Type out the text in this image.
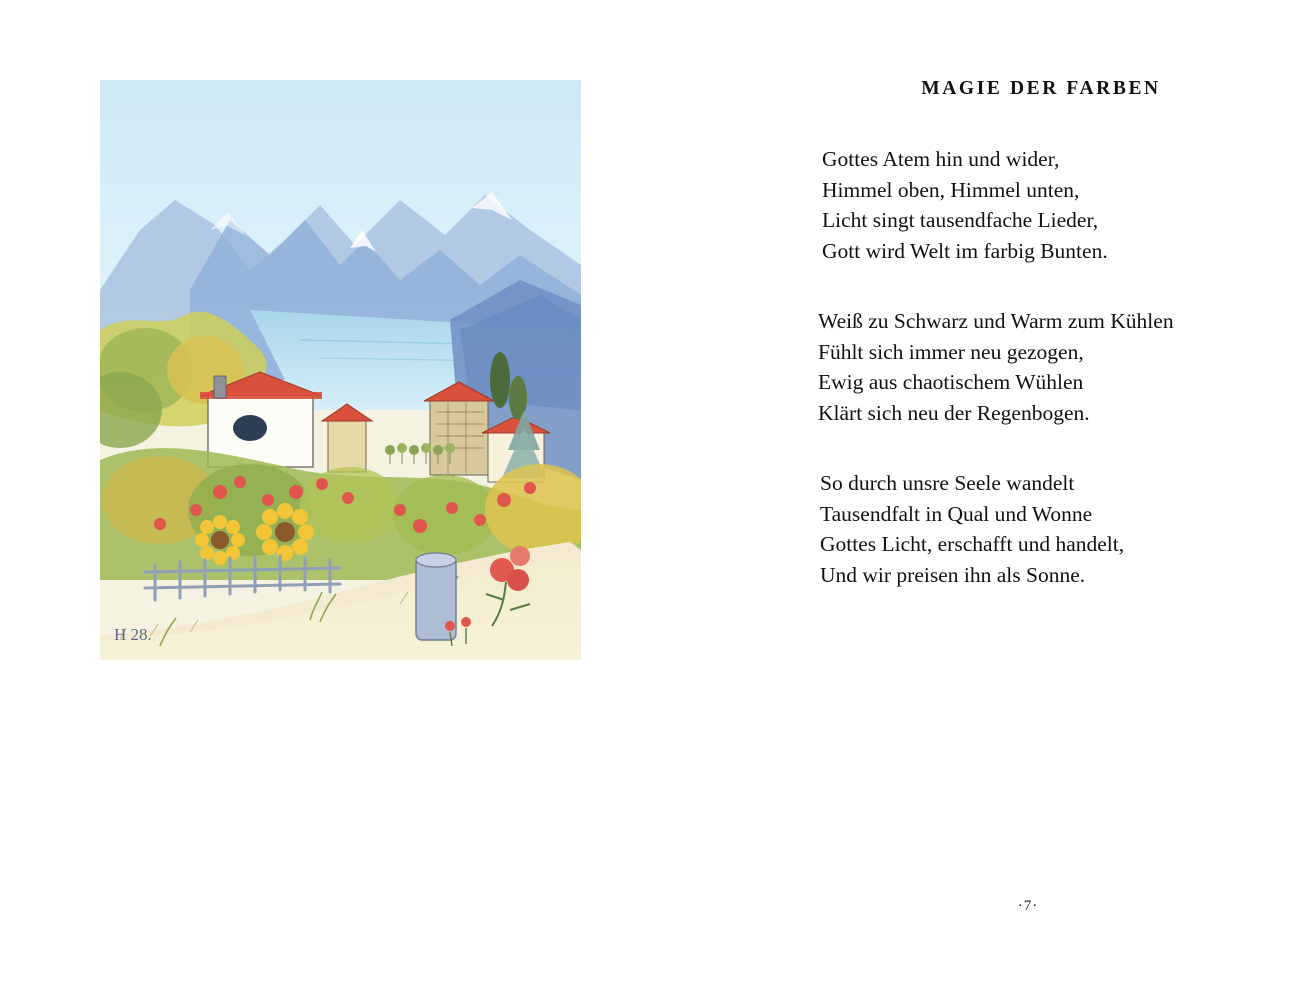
H 28.
MAGIE DER FARBEN
Gottes Atem hin und wider,
Himmel oben, Himmel unten,
Licht singt tausendfache Lieder,
Gott wird Welt im farbig Bunten.
Weiß zu Schwarz und Warm zum Kühlen
Fühlt sich immer neu gezogen,
Ewig aus chaotischem Wühlen
Klärt sich neu der Regenbogen.
So durch unsre Seele wandelt
Tausendfalt in Qual und Wonne
Gottes Licht, erschafft und handelt,
Und wir preisen ihn als Sonne.
·7·
